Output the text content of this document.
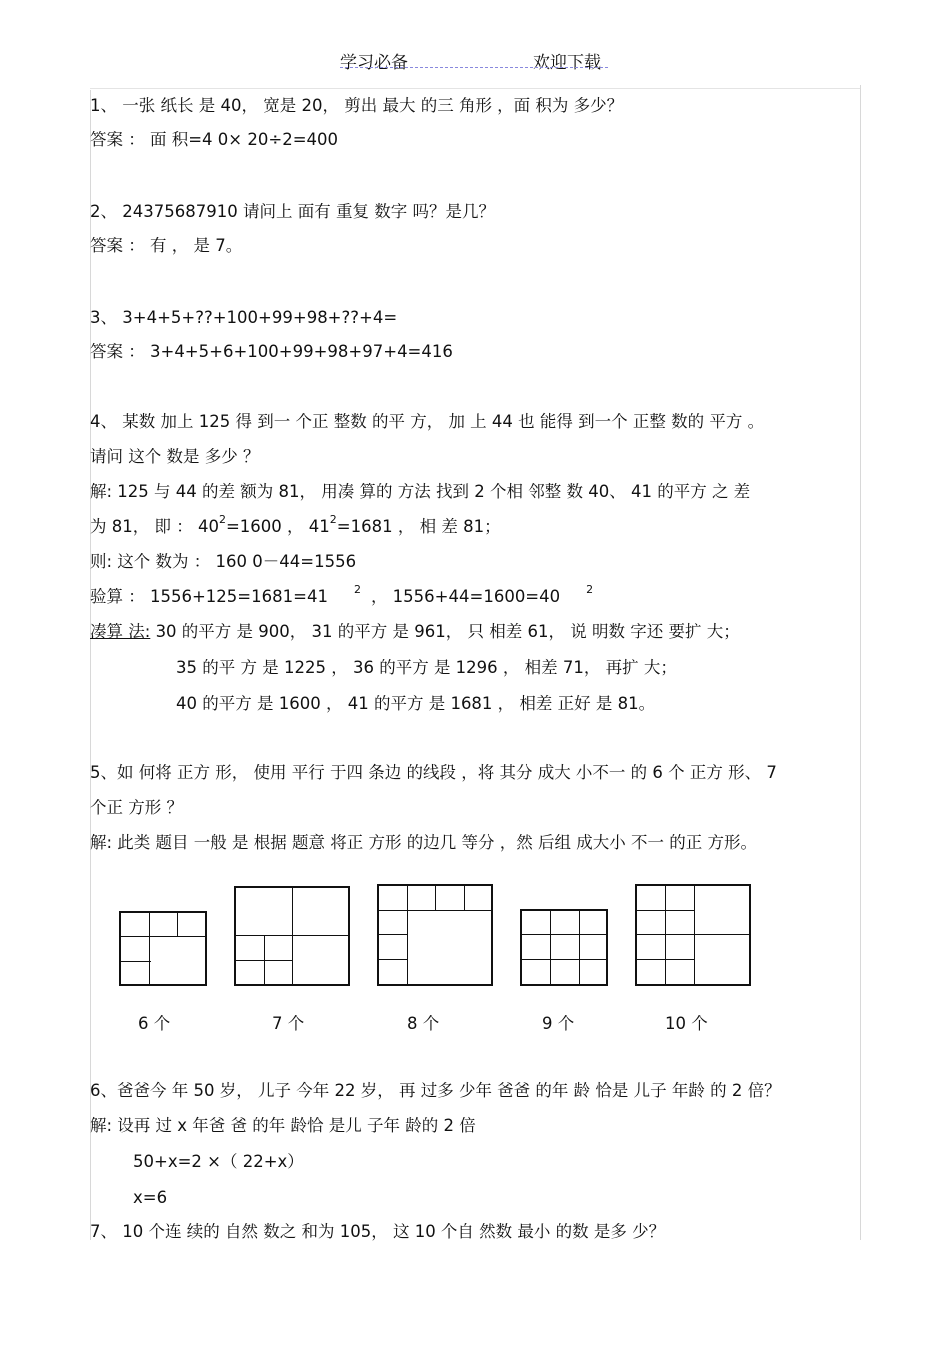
学习必备	欢迎下载
1、 一张 纸长 是 40， 宽是 20， 剪出 最大 的三 角形 ，面 积为 多少？
答案 ： 面 积=4 0× 20÷2=400
2、 24375687910 请问上 面有 重复 数字 吗？是几？
答案 ： 有 ， 是 7。
3、 3+4+5+??+100+99+98+??+4=
答案 ： 3+4+5+6+100+99+98+97+4=416
4、 某数 加上 125 得 到一 个正 整数 的平 方， 加 上 44 也 能得 到一个 正整 数的 平方 。
请问 这个 数是 多少 ？
解: 125 与 44 的差 额为 81， 用凑 算的 方法 找到 2 个相 邻整 数 40、 41 的平方 之 差
为 81， 即 ： $40^2=1600$ ， $41^2=1681$ ， 相 差 81；
则: 这个 数为 ： 160 0－44=1556
验算 ： 1556+125=1681=41 $^2$ ， 1556+44=1600=40 $^2$
凑算 法: 30 的平方 是 900， 31 的平方 是 961， 只 相差 61， 说 明数 字还 要扩 大；
35 的平 方 是 1225 ， 36 的平方 是 1296 ， 相差 71， 再扩 大；
40 的平方 是 1600 ， 41 的平方 是 1681 ， 相差 正好 是 81。
5、如 何将 正方 形， 使用 平行 于四 条边 的线段 ，将 其分 成大 小不一 的 6 个 正方 形、 7
个正 方形 ？
解: 此类 题目 一般 是 根据 题意 将正 方形 的边几 等分 ，然 后组 成大小 不一 的正 方形。
6 个	7 个	8 个	9 个	10 个
6、爸爸今 年 50 岁， 儿子 今年 22 岁， 再 过多 少年 爸爸 的年 龄 恰是 儿子 年龄 的 2 倍？
解: 设再 过 x 年爸 爸 的年 龄恰 是儿 子年 龄的 2 倍
50+x=2 ×（ 22+x）
x=6
7、 10 个连 续的 自然 数之 和为 105， 这 10 个自 然数 最小 的数 是多 少？
